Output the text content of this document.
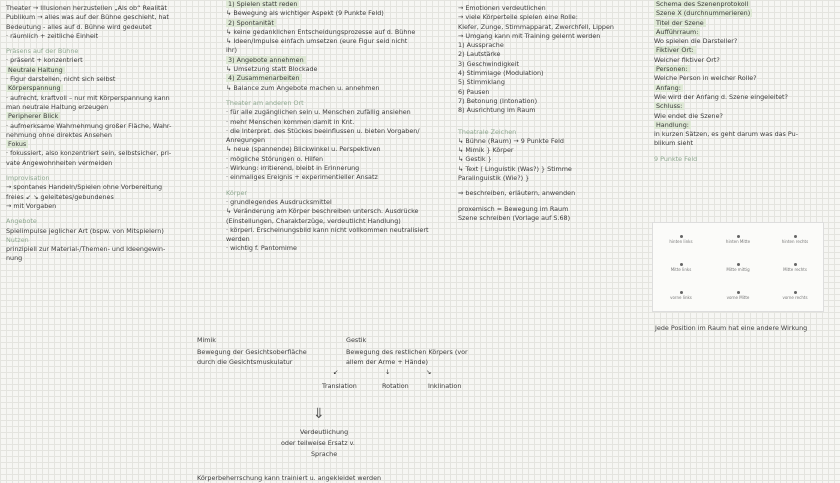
Theater → Illusionen herzustellen „Als ob“ Realität
Publikum → alles was auf der Bühne geschieht, hat
Bedeutung - alles auf d. Bühne wird gedeutet
· räumlich + zeitliche Einheit
Präsens auf der Bühne
· präsent + konzentriert
Neutrale Haltung
· Figur darstellen, nicht sich selbst
Körperspannung
· aufrecht, kraftvoll – nur mit Körperspannung kann
man neutrale Haltung erzeugen
Peripherer Blick
· aufmerksame Wahrnehmung großer Fläche, Wahr-
nehmung ohne direktes Ansehen
Fokus
· fokussiert, also konzentriert sein, selbstsicher, pri-
vate Angewohnheiten vermeiden
Improvisation
→ spontanes Handeln/Spielen ohne Vorbereitung
freies ↙ ↘ geleitetes/gebundenes
→ mit Vorgaben
Angebote
Spielimpulse jeglicher Art (bspw. von Mitspielern)
Nutzen
prinzipiell zur Material-/Themen- und Ideengewin-
nung
1) Spielen statt reden
↳ Bewegung als wichtiger Aspekt (9 Punkte Feld)
2) Spontanität
↳ keine gedanklichen Entscheidungsprozesse auf d. Bühne
↳ Ideen/Impulse einfach umsetzen (eure Figur seid nicht
ihr)
3) Angebote annehmen
↳ Umsetzung statt Blockade
4) Zusammenarbeiten
↳ Balance zum Angebote machen u. annehmen
Theater am anderen Ort
· für alle zugänglichen sein u. Menschen zufällig ansiehen
· mehr Menschen kommen damit in Knt.
· die Interpret. des Stückes beeinflussen u. bieten Vorgaben/
Anregungen
↳ neue (spannende) Blickwinkel u. Perspektiven
· mögliche Störungen o. Hilfen
· Wirkung: irritierend, bleibt in Erinnerung
· einmaliges Ereignis + experimentieller Ansatz
Körper
· grundlegendes Ausdrucksmittel
↳ Veränderung am Körper beschreiben untersch. Ausdrücke
(Einstellungen, Charakterzüge, verdeutlicht Handlung)
· körperl. Erscheinungsbild kann nicht vollkommen neutralisiert
werden
· wichtig f. Pantomime
→ Emotionen verdeutlichen
→ viele Körperteile spielen eine Rolle:
Kiefer, Zunge, Stimmapparat, Zwerchfell, Lippen
→ Umgang kann mit Training gelernt werden
1) Aussprache
2) Lautstärke
3) Geschwindigkeit
4) Stimmlage (Modulation)
5) Stimmklang
6) Pausen
7) Betonung (Intonation)
8) Ausrichtung im Raum
Theatrale Zeichen
↳ Bühne (Raum) → 9 Punkte Feld
↳ Mimik } Körper
↳ Gestik }
↳ Text ⟨ Linguistik (Was?) } Stimme
Paralinguistik (Wie?) }
⇒ beschreiben, erläutern, anwenden
proxemisch = Bewegung im Raum
Szene schreiben (Vorlage auf S.68)
Schema des Szenenprotokoll
Szene X (durchnummerieren)
Titel der Szene
Aufführraum:
Wo spielen die Darsteller?
Fiktiver Ort:
Welcher fiktiver Ort?
Personen:
Welche Person in welcher Rolle?
Anfang:
Wie wird der Anfang d. Szene eingeleitet?
Schluss:
Wie endet die Szene?
Handlung:
in kurzen Sätzen, es geht darum was das Pu-
blikum sieht
9 Punkte Feld
hinten links	hinten Mitte	hinten rechts
Mitte links	Mitte mittig	Mitte rechts
vorne links	vorne Mitte	vorne rechts
Jede Position im Raum hat eine andere Wirkung
Mimik
Bewegung der Gesichtsoberfläche
durch die Gesichtsmuskulatur
Gestik
Bewegung des restlichen Körpers (vor
allem der Arme + Hände)
↙	↓	↘
Translation	Rotation	Inklination
⇓
Verdeutlichung
oder teilweise Ersatz v.
Sprache
Körperbeherrschung kann trainiert u. angekleidet werden
